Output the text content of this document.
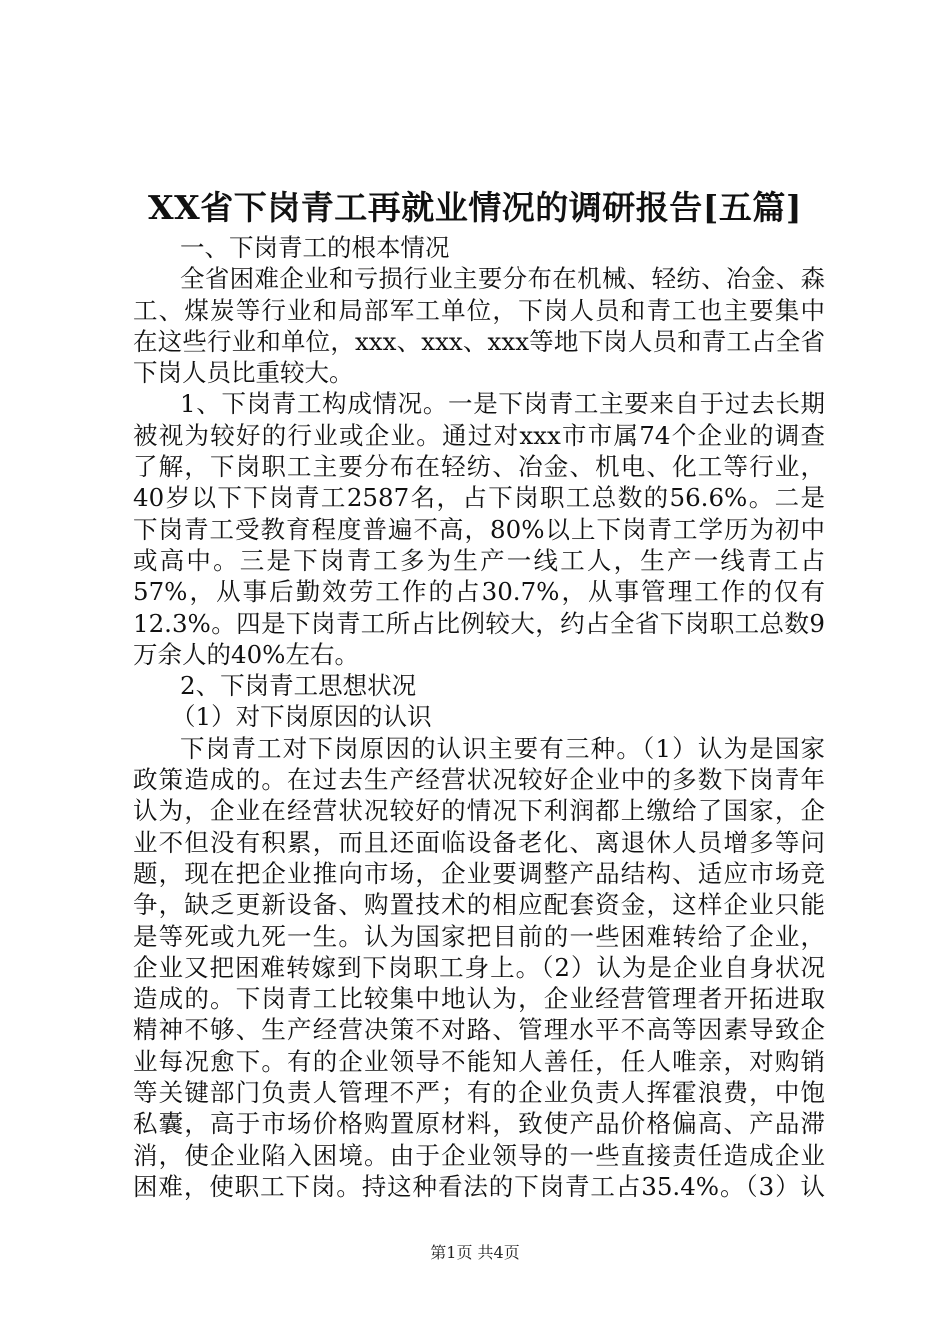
XX省下岗青工再就业情况的调研报告[五篇]
一、下岗青工的根本情况
全省困难企业和亏损行业主要分布在机械、轻纺、冶金、森
工、煤炭等行业和局部军工单位，下岗人员和青工也主要集中
在这些行业和单位，xxx、xxx、xxx等地下岗人员和青工占全省
下岗人员比重较大。
1、下岗青工构成情况。一是下岗青工主要来自于过去长期
被视为较好的行业或企业。通过对xxx市市属74个企业的调查
了解，下岗职工主要分布在轻纺、冶金、机电、化工等行业，
40岁以下下岗青工2587名，占下岗职工总数的56.6%。二是
下岗青工受教育程度普遍不高，80%以上下岗青工学历为初中
或高中。三是下岗青工多为生产一线工人，生产一线青工占
57%，从事后勤效劳工作的占30.7%，从事管理工作的仅有
12.3%。四是下岗青工所占比例较大，约占全省下岗职工总数9
万余人的40%左右。
2、下岗青工思想状况
（1）对下岗原因的认识
下岗青工对下岗原因的认识主要有三种。（1）认为是国家
政策造成的。在过去生产经营状况较好企业中的多数下岗青年
认为，企业在经营状况较好的情况下利润都上缴给了国家，企
业不但没有积累，而且还面临设备老化、离退休人员增多等问
题，现在把企业推向市场，企业要调整产品结构、适应市场竞
争，缺乏更新设备、购置技术的相应配套资金，这样企业只能
是等死或九死一生。认为国家把目前的一些困难转给了企业，
企业又把困难转嫁到下岗职工身上。（2）认为是企业自身状况
造成的。下岗青工比较集中地认为，企业经营管理者开拓进取
精神不够、生产经营决策不对路、管理水平不高等因素导致企
业每况愈下。有的企业领导不能知人善任，任人唯亲，对购销
等关键部门负责人管理不严；有的企业负责人挥霍浪费，中饱
私囊，高于市场价格购置原材料，致使产品价格偏高、产品滞
消，使企业陷入困境。由于企业领导的一些直接责任造成企业
困难，使职工下岗。持这种看法的下岗青工占35.4%。（3）认
第1页 共4页
